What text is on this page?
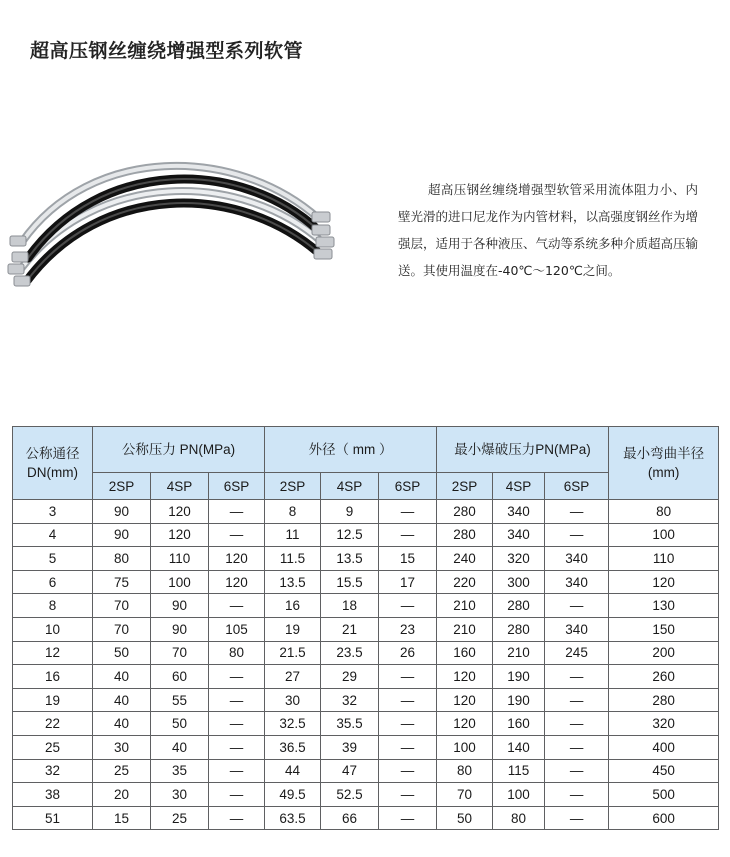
超高压钢丝缠绕增强型系列软管
超高压钢丝缠绕增强型软管采用流体阻力小、内壁光滑的进口尼龙作为内管材料，以高强度钢丝作为增强层，适用于各种液压、气动等系统多种介质超高压输送。其使用温度在-40℃～120℃之间。
公称通径DN(mm)	公称压力 PN(MPa)			外径（ mm ）			最小爆破压力PN(MPa)			最小弯曲半径(mm)
	2SP	4SP	6SP	2SP	4SP	6SP	2SP	4SP	6SP	
3	90	120	—	8	9	—	280	340	—	80
4	90	120	—	11	12.5	—	280	340	—	100
5	80	110	120	11.5	13.5	15	240	320	340	110
6	75	100	120	13.5	15.5	17	220	300	340	120
8	70	90	—	16	18	—	210	280	—	130
10	70	90	105	19	21	23	210	280	340	150
12	50	70	80	21.5	23.5	26	160	210	245	200
16	40	60	—	27	29	—	120	190	—	260
19	40	55	—	30	32	—	120	190	—	280
22	40	50	—	32.5	35.5	—	120	160	—	320
25	30	40	—	36.5	39	—	100	140	—	400
32	25	35	—	44	47	—	80	115	—	450
38	20	30	—	49.5	52.5	—	70	100	—	500
51	15	25	—	63.5	66	—	50	80	—	600
